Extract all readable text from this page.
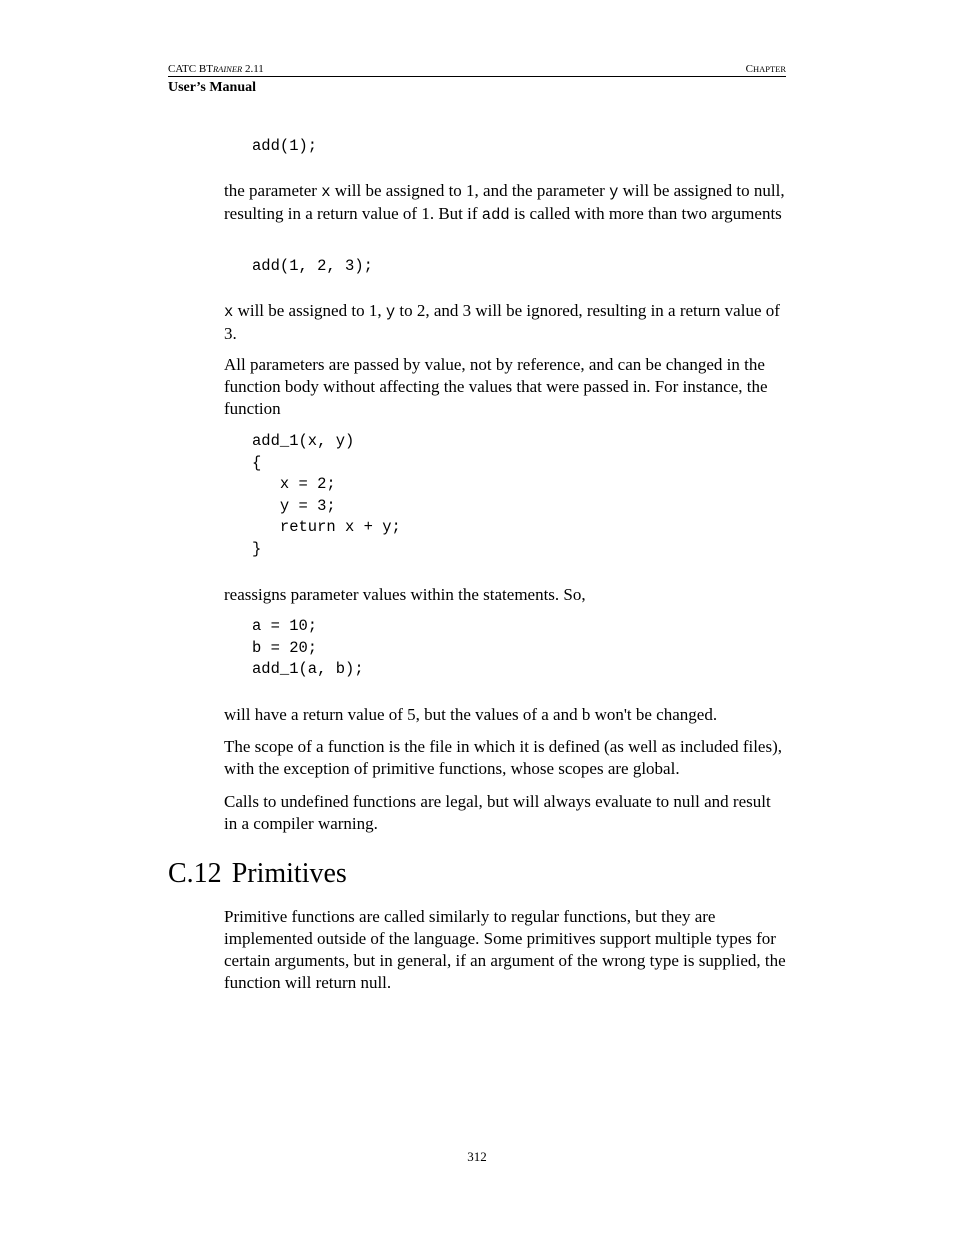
CATC BTRAINER 2.11	CHAPTER
User’s Manual
add(1);

the parameter x will be assigned to 1, and the parameter y will be assigned to null, resulting in a return value of 1. But if add is called with more than two arguments

add(1, 2, 3);

x will be assigned to 1, y to 2, and 3 will be ignored, resulting in a return value of 3.

All parameters are passed by value, not by reference, and can be changed in the function body without affecting the values that were passed in. For instance, the function

add_1(x, y)
{
x = 2;
y = 3;
return x + y;
}

reassigns parameter values within the statements. So,

a = 10;
b = 20;
add_1(a, b);

will have a return value of 5, but the values of a and b won't be changed.

The scope of a function is the file in which it is defined (as well as included files), with the exception of primitive functions, whose scopes are global.

Calls to undefined functions are legal, but will always evaluate to null and result in a compiler warning.

C.12 Primitives

Primitive functions are called similarly to regular functions, but they are implemented outside of the language. Some primitives support multiple types for certain arguments, but in general, if an argument of the wrong type is supplied, the function will return null.

312
